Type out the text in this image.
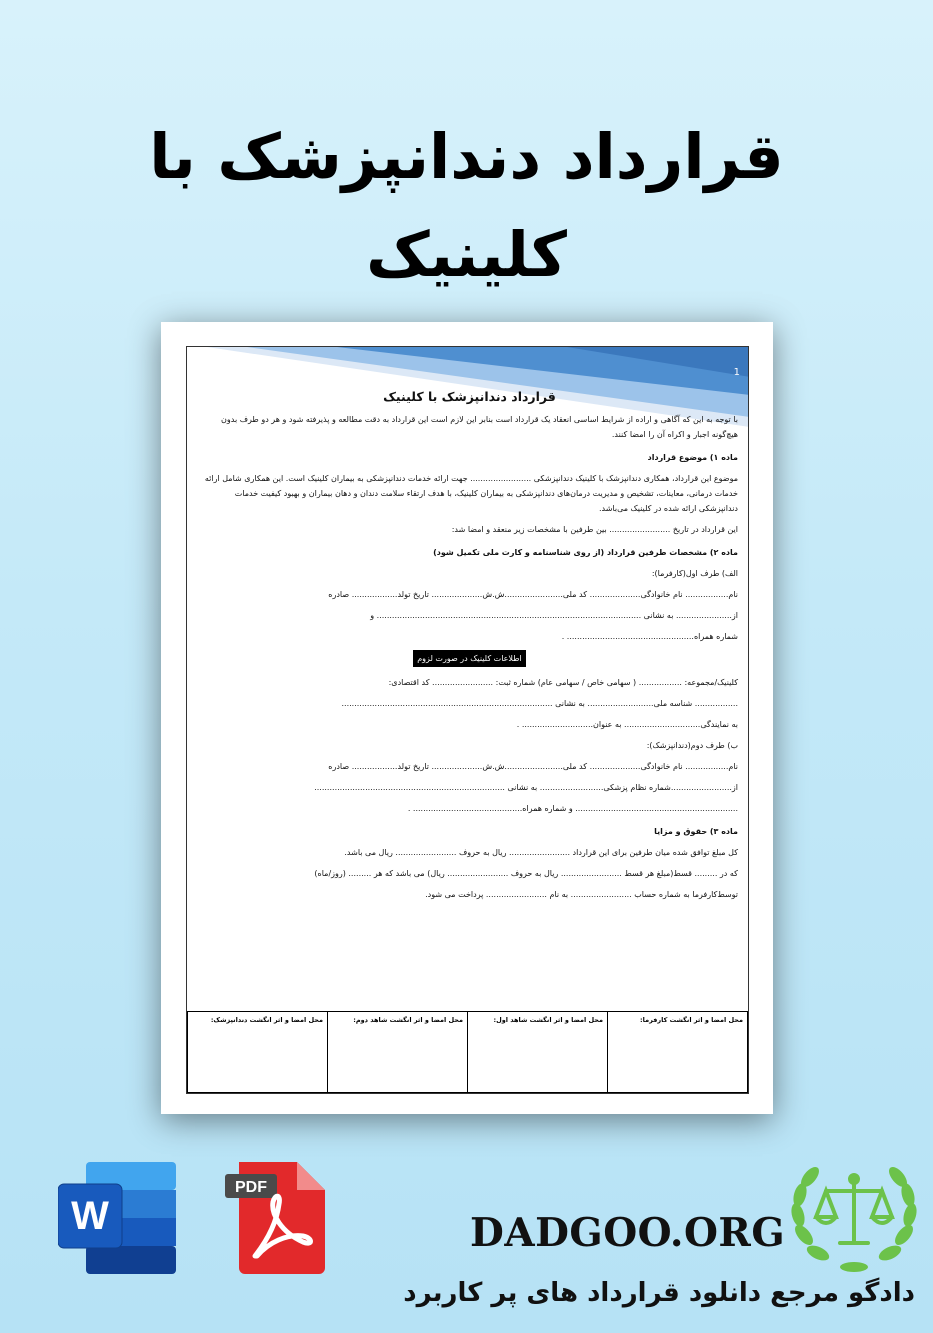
قرارداد دندانپزشک با
کلینیک
1
قرارداد دندانپزشک با کلینیک

با توجه به این که آگاهی و اراده از شرایط اساسی انعقاد یک قرارداد است بنابر این لازم است این قرارداد به دقت مطالعه و پذیرفته شود و هر دو طرف بدون هیچ‌گونه اجبار و اکراه آن را امضا کنند.

ماده ۱) موضوع قرارداد

موضوع این قرارداد، همکاری دندانپزشک با کلینیک دندانپزشکی ........................ جهت ارائه خدمات دندانپزشکی به بیماران کلینیک است. این همکاری شامل ارائه خدمات درمانی، معاینات، تشخیص و مدیریت درمان‌های دندانپزشکی به بیماران کلینیک، با هدف ارتقاء سلامت دندان و دهان بیماران و بهبود کیفیت خدمات دندانپزشکی ارائه شده در کلینیک می‌باشد.

این قرارداد در تاریخ ........................ بین طرفین با مشخصات زیر منعقد و امضا شد:

ماده ۲) مشخصات طرفین قرارداد (از روی شناسنامه و کارت ملی تکمیل شود)

الف) طرف اول(کارفرما):

نام................. نام خانوادگی.................... کد ملی.......................ش.ش.................... تاریخ تولد.................. صادره

از...................... به نشانی ........................................................................................................ و

شماره همراه.................................................. .

اطلاعات کلینیک در صورت لزوم

کلینیک/مجموعه: ................. ( سهامی خاص / سهامی عام) شماره ثبت: ........................ کد اقتصادی:

................. شناسه ملی.......................... به نشانی ...................................................................................

به نمایندگی.............................. به عنوان............................ .

ب) طرف دوم(دندانپزشک):

نام................. نام خانوادگی.................... کد ملی.......................ش.ش.................... تاریخ تولد.................. صادره

از........................شماره نظام پزشکی......................... به نشانی ...........................................................................

................................................................ و شماره همراه........................................... .

ماده ۳) حقوق و مزایا

کل مبلغ توافق شده میان طرفین برای این قرارداد ........................ ریال به حروف ........................ ریال می باشد.

که در ......... قسط(مبلغ هر قسط ........................ ریال به حروف ........................ ریال) می باشد که هر ......... (روز/ماه)

توسط‌کارفرما به شماره حساب ........................ به نام ........................ پرداخت می شود.

محل امضا و اثر انگشت کارفرما:	محل امضا و اثر انگشت شاهد اول:	محل امضا و اثر انگشت شاهد دوم:	محل امضا و اثر انگشت دندانپزشک:
W
PDF
DADGOO.ORG
دادگو مرجع دانلود قرارداد های پر کاربرد
